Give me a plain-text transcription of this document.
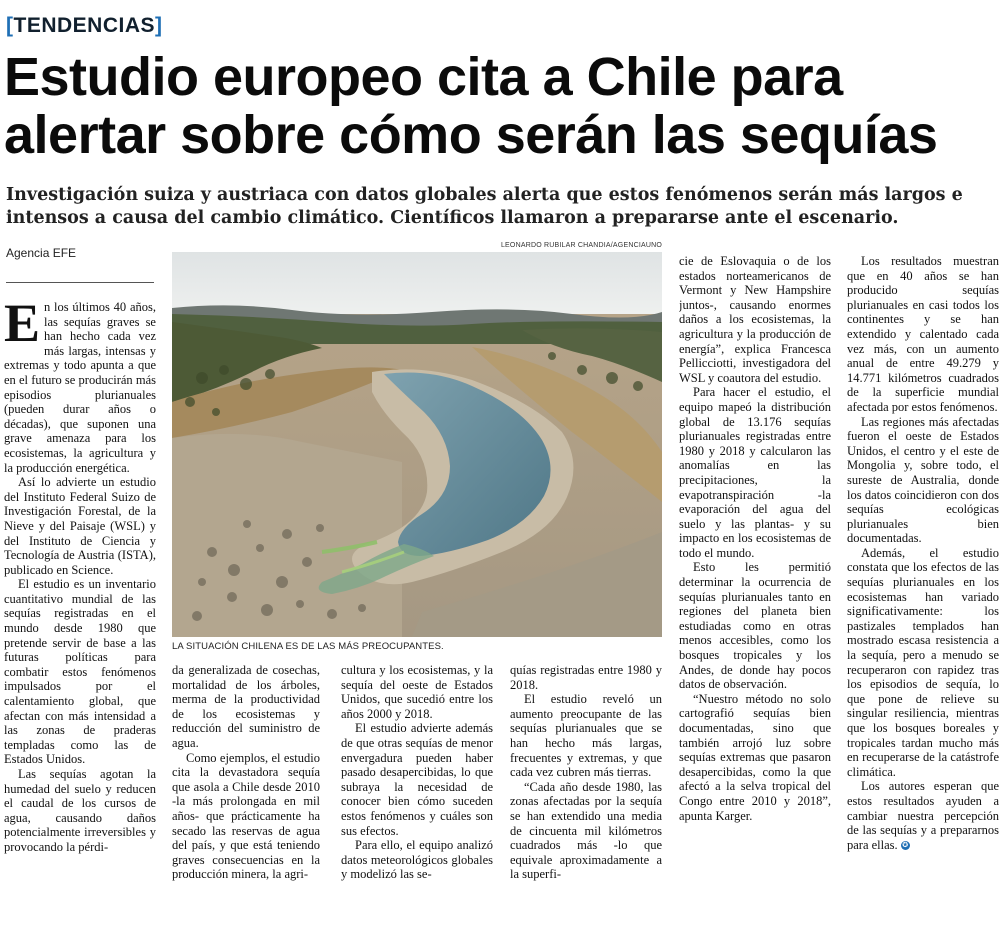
[TENDENCIAS]
Estudio europeo cita a Chile para alertar sobre cómo serán las sequías

Investigación suiza y austriaca con datos globales alerta que estos fenómenos serán más largos e intensos a causa del cambio climático. Científicos llamaron a prepararse ante el escenario.

Agencia EFE
LEONARDO RUBILAR CHANDIA/AGENCIAUNO
LA SITUACIÓN CHILENA ES DE LAS MÁS PREOCUPANTES.

En los últimos 40 años, las sequías graves se han hecho cada vez más largas, intensas y extremas y todo apunta a que en el futuro se producirán más episodios plurianuales (pueden durar años o décadas), que suponen una grave amenaza para los ecosistemas, la agricultura y la producción energética.

Así lo advierte un estudio del Instituto Federal Suizo de Investigación Forestal, de la Nieve y del Paisaje (WSL) y del Instituto de Ciencia y Tecnología de Austria (ISTA), publicado en Science.

El estudio es un inventario cuantitativo mundial de las sequías registradas en el mundo desde 1980 que pretende servir de base a las futuras políticas para combatir estos fenómenos impulsados por el calentamiento global, que afectan con más intensidad a las zonas de praderas templadas como las de Estados Unidos.

Las sequías agotan la humedad del suelo y reducen el caudal de los cursos de agua, causando daños potencialmente irreversibles y provocando la pérdi-

da generalizada de cosechas, mortalidad de los árboles, merma de la productividad de los ecosistemas y reducción del suministro de agua.

Como ejemplos, el estudio cita la devastadora sequía que asola a Chile desde 2010 -la más prolongada en mil años- que prácticamente ha secado las reservas de agua del país, y que está teniendo graves consecuencias en la producción minera, la agri-

cultura y los ecosistemas, y la sequía del oeste de Estados Unidos, que sucedió entre los años 2000 y 2018.

El estudio advierte además de que otras sequías de menor envergadura pueden haber pasado desapercibidas, lo que subraya la necesidad de conocer bien cómo suceden estos fenómenos y cuáles son sus efectos.

Para ello, el equipo analizó datos meteorológicos globales y modelizó las se-

quías registradas entre 1980 y 2018.

El estudio reveló un aumento preocupante de las sequías plurianuales que se han hecho más largas, frecuentes y extremas, y que cada vez cubren más tierras.

“Cada año desde 1980, las zonas afectadas por la sequía se han extendido una media de cincuenta mil kilómetros cuadrados más -lo que equivale aproximadamente a la superfi-

cie de Eslovaquia o de los estados norteamericanos de Vermont y New Hampshire juntos-, causando enormes daños a los ecosistemas, la agricultura y la producción de energía”, explica Francesca Pellicciotti, investigadora del WSL y coautora del estudio.

Para hacer el estudio, el equipo mapeó la distribución global de 13.176 sequías plurianuales registradas entre 1980 y 2018 y calcularon las anomalías en las precipitaciones, la evapotranspiración -la evaporación del agua del suelo y las plantas- y su impacto en los ecosistemas de todo el mundo.

Esto les permitió determinar la ocurrencia de sequías plurianuales tanto en regiones del planeta bien estudiadas como en otras menos accesibles, como los bosques tropicales y los Andes, de donde hay pocos datos de observación.

“Nuestro método no solo cartografió sequías bien documentadas, sino que también arrojó luz sobre sequías extremas que pasaron desapercibidas, como la que afectó a la selva tropical del Congo entre 2010 y 2018”, apunta Karger.

Los resultados muestran que en 40 años se han producido sequías plurianuales en casi todos los continentes y se han extendido y calentado cada vez más, con un aumento anual de entre 49.279 y 14.771 kilómetros cuadrados de la superficie mundial afectada por estos fenómenos.

Las regiones más afectadas fueron el oeste de Estados Unidos, el centro y el este de Mongolia y, sobre todo, el sureste de Australia, donde los datos coincidieron con dos sequías ecológicas plurianuales bien documentadas.

Además, el estudio constata que los efectos de las sequías plurianuales en los ecosistemas han variado significativamente: los pastizales templados han mostrado escasa resistencia a la sequía, pero a menudo se recuperaron con rapidez tras los episodios de sequía, lo que pone de relieve su singular resiliencia, mientras que los bosques boreales y tropicales tardan mucho más en recuperarse de la catástrofe climática.

Los autores esperan que estos resultados ayuden a cambiar nuestra percepción de las sequías y a prepararnos para ellas. ✪
